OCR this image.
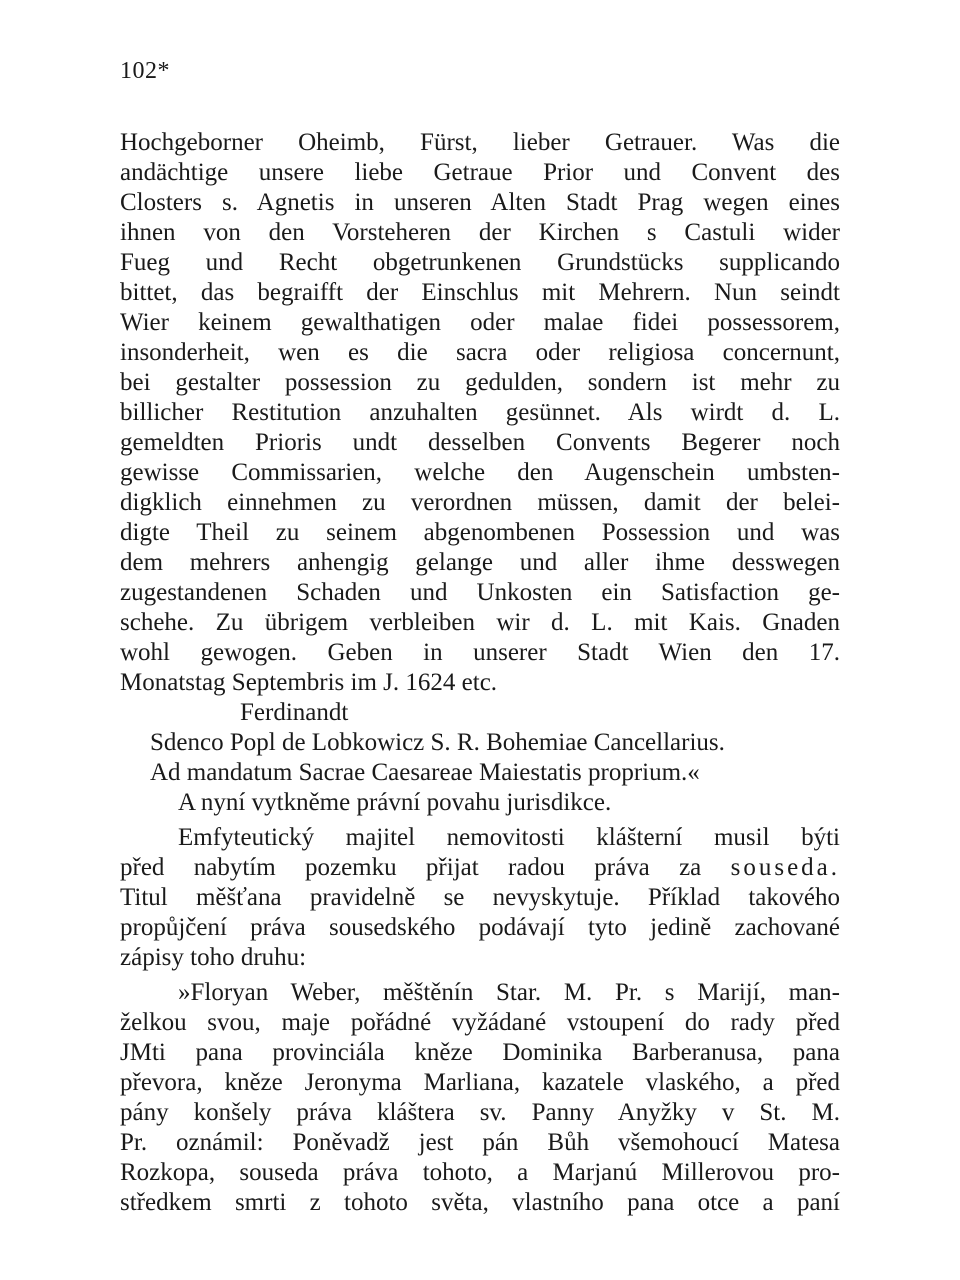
102*
Hochgeborner Oheimb, Fürst, lieber Getrauer. Was die
andächtige unsere liebe Getraue Prior und Convent des
Closters s. Agnetis in unseren Alten Stadt Prag wegen eines
ihnen von den Vorsteheren der Kirchen s Castuli wider
Fueg und Recht obgetrunkenen Grundstücks supplicando
bittet, das begraifft der Einschlus mit Mehrern. Nun seindt
Wier keinem gewalthatigen oder malae fidei possessorem,
insonderheit, wen es die sacra oder religiosa concernunt,
bei gestalter possession zu gedulden, sondern ist mehr zu
billicher Restitution anzuhalten gesünnet. Als wirdt d. L.
gemeldten Prioris undt desselben Convents Begerer noch
gewisse Commissarien, welche den Augenschein umbsten-
digklich einnehmen zu verordnen müssen, damit der belei-
digte Theil zu seinem abgenombenen Possession und was
dem mehrers anhengig gelange und aller ihme desswegen
zugestandenen Schaden und Unkosten ein Satisfaction ge-
schehe. Zu übrigem verbleiben wir d. L. mit Kais. Gnaden
wohl gewogen. Geben in unserer Stadt Wien den 17.
Monatstag Septembris im J. 1624 etc.
Ferdinandt
Sdenco Popl de Lobkowicz S. R. Bohemiae Cancellarius.
Ad mandatum Sacrae Caesareae Maiestatis proprium.«
A nyní vytkněme právní povahu jurisdikce.
Emfyteutický majitel nemovitosti klášterní musil býti
před nabytím pozemku přijat radou práva za souseda.
Titul měšťana pravidelně se nevyskytuje. Příklad takového
propůjčení práva sousedského podávají tyto jedině zachované
zápisy toho druhu:
»Floryan Weber, měštěnín Star. M. Pr. s Marijí, man-
želkou svou, maje pořádné vyžádané vstoupení do rady před
JMti pana provinciála kněze Dominika Barberanusa, pana
převora, kněze Jeronyma Marliana, kazatele vlaského, a před
pány konšely práva kláštera sv. Panny Anyžky v St. M.
Pr. oznámil: Poněvadž jest pán Bůh všemohoucí Matesa
Rozkopa, souseda práva tohoto, a Marjanú Millerovou pro-
středkem smrti z tohoto světa, vlastního pana otce a paní
